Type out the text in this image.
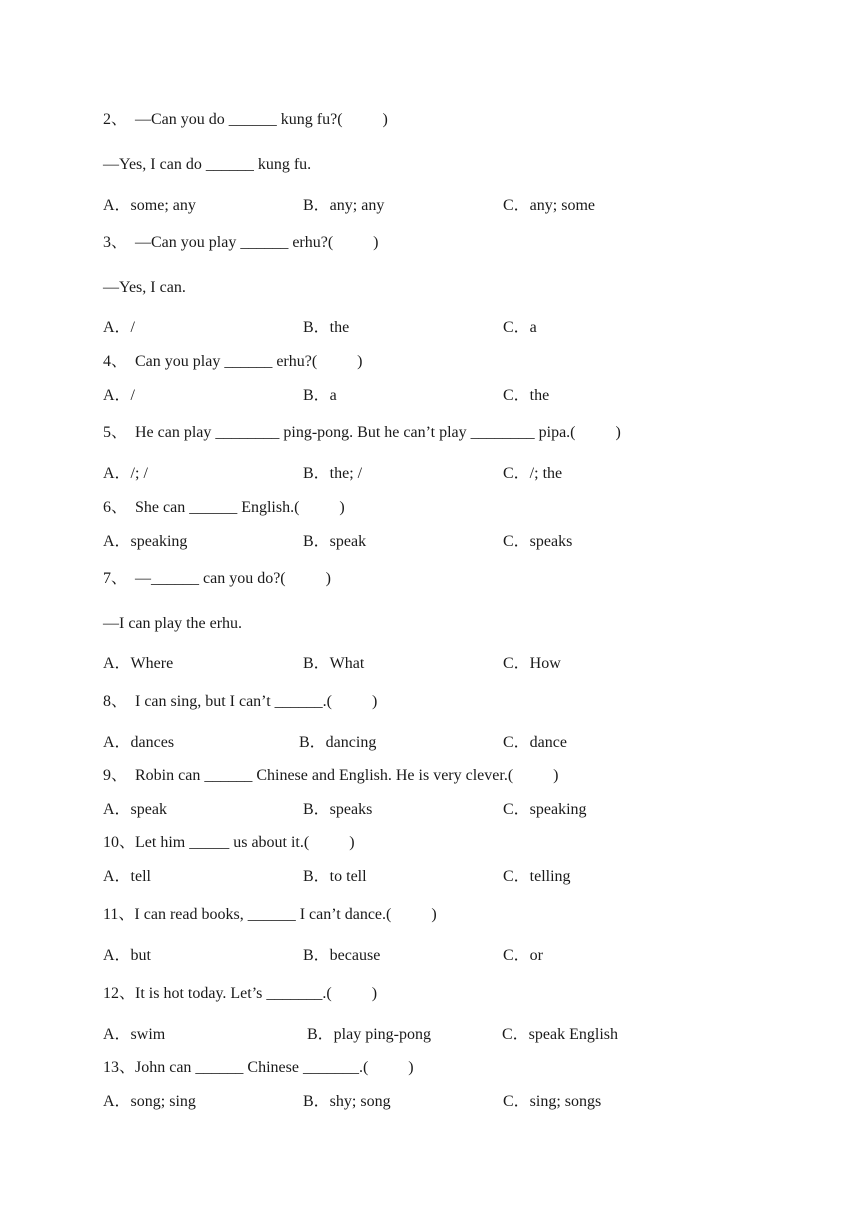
2、  —Can you do ______ kung fu?(          )
—Yes, I can do ______ kung fu.
A．some; any	B．any; any	C．any; some
3、  —Can you play ______ erhu?(          )
—Yes, I can.
A．/	B．the	C．a
4、  Can you play ______ erhu?(          )
A．/	B．a	C．the
5、  He can play ________ ping-pong. But he can’t play ________ pipa.(          )
A．/; /	B．the; /	C．/; the
6、  She can ______ English.(          )
A．speaking	B．speak	C．speaks
7、  —______ can you do?(          )
—I can play the erhu.
A．Where	B．What	C．How
8、  I can sing, but I can’t ______.(          )
A．dances	B．dancing	C．dance
9、  Robin can ______ Chinese and English. He is very clever.(          )
A．speak	B．speaks	C．speaking
10、Let him _____ us about it.(          )
A．tell	B．to tell	C．telling
11、I can read books, ______ I can’t dance.(          )
A．but	B．because	C．or
12、It is hot today. Let’s _______.(          )
A．swim	B．play ping-pong	C．speak English
13、John can ______ Chinese _______.(          )
A．song; sing	B．shy; song	C．sing; songs
